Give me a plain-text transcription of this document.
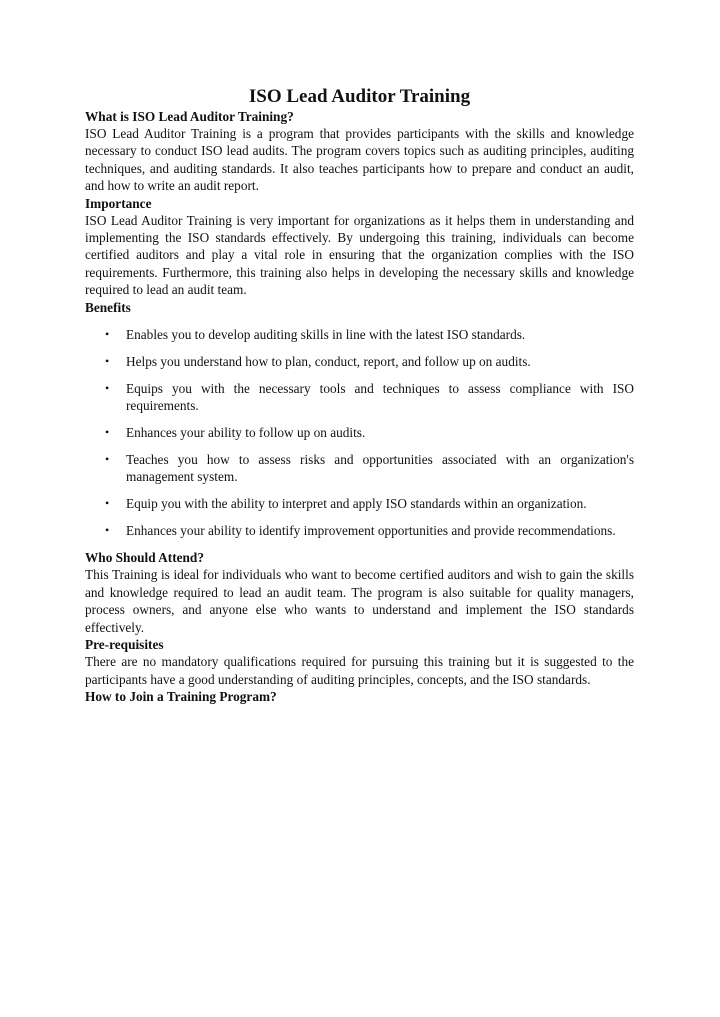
ISO Lead Auditor Training
What is ISO Lead Auditor Training?

ISO Lead Auditor Training is a program that provides participants with the skills and knowledge necessary to conduct ISO lead audits. The program covers topics such as auditing principles, auditing techniques, and auditing standards. It also teaches participants how to prepare and conduct an audit, and how to write an audit report.

Importance

ISO Lead Auditor Training is very important for organizations as it helps them in understanding and implementing the ISO standards effectively. By undergoing this training, individuals can become certified auditors and play a vital role in ensuring that the organization complies with the ISO requirements. Furthermore, this training also helps in developing the necessary skills and knowledge required to lead an audit team.

Benefits
• Enables you to develop auditing skills in line with the latest ISO standards.
• Helps you understand how to plan, conduct, report, and follow up on audits.
• Equips you with the necessary tools and techniques to assess compliance with ISO requirements.
• Enhances your ability to follow up on audits.
• Teaches you how to assess risks and opportunities associated with an organization's management system.
• Equip you with the ability to interpret and apply ISO standards within an organization.
• Enhances your ability to identify improvement opportunities and provide recommendations.
Who Should Attend?

This Training is ideal for individuals who want to become certified auditors and wish to gain the skills and knowledge required to lead an audit team. The program is also suitable for quality managers, process owners, and anyone else who wants to understand and implement the ISO standards effectively.

Pre-requisites

There are no mandatory qualifications required for pursuing this training but it is suggested to the participants have a good understanding of auditing principles, concepts, and the ISO standards.

How to Join a Training Program?
